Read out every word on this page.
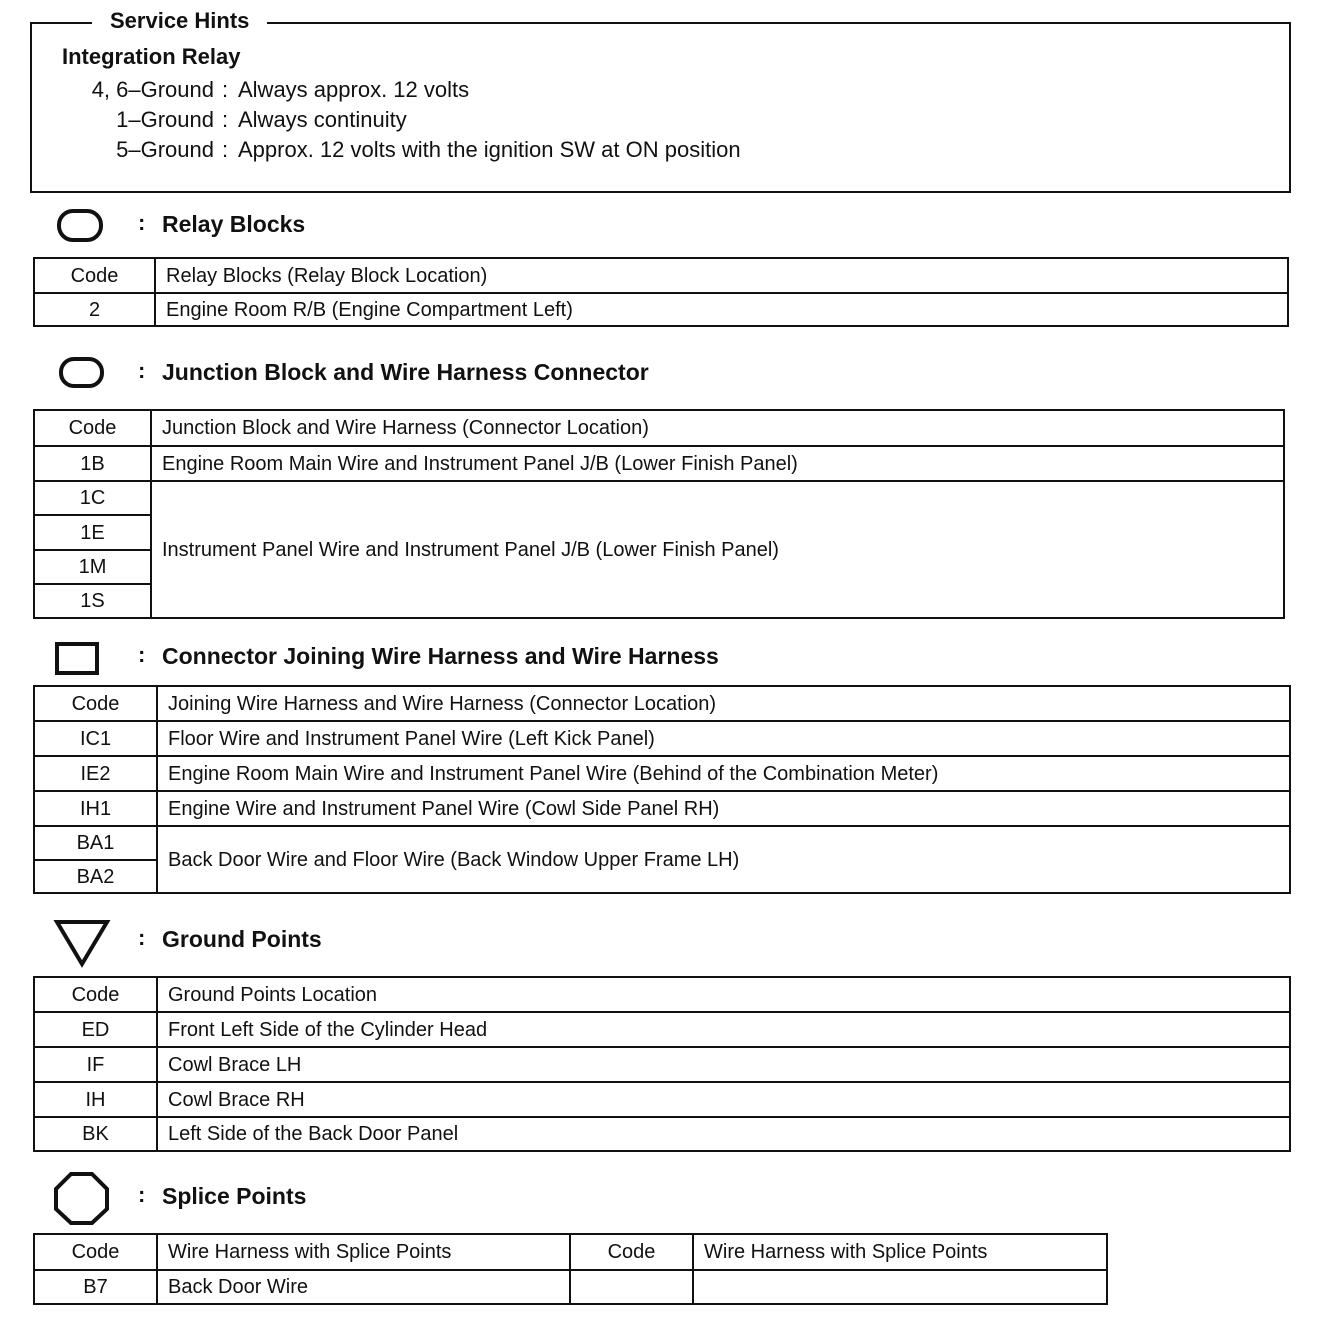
Service Hints
Integration Relay
4, 6–Ground : Always approx. 12 volts
1–Ground : Always continuity
5–Ground : Approx. 12 volts with the ignition SW at ON position
: Relay Blocks
Code	Relay Blocks (Relay Block Location)
2	Engine Room R/B (Engine Compartment Left)
: Junction Block and Wire Harness Connector
Code	Junction Block and Wire Harness (Connector Location)
1B	Engine Room Main Wire and Instrument Panel J/B (Lower Finish Panel)
1C	Instrument Panel Wire and Instrument Panel J/B (Lower Finish Panel)
1E	
1M	
1S	
: Connector Joining Wire Harness and Wire Harness
Code	Joining Wire Harness and Wire Harness (Connector Location)
IC1	Floor Wire and Instrument Panel Wire (Left Kick Panel)
IE2	Engine Room Main Wire and Instrument Panel Wire (Behind of the Combination Meter)
IH1	Engine Wire and Instrument Panel Wire (Cowl Side Panel RH)
BA1	Back Door Wire and Floor Wire (Back Window Upper Frame LH)
BA2	
: Ground Points
Code	Ground Points Location
ED	Front Left Side of the Cylinder Head
IF	Cowl Brace LH
IH	Cowl Brace RH
BK	Left Side of the Back Door Panel
: Splice Points
Code	Wire Harness with Splice Points	Code	Wire Harness with Splice Points
B7	Back Door Wire		
